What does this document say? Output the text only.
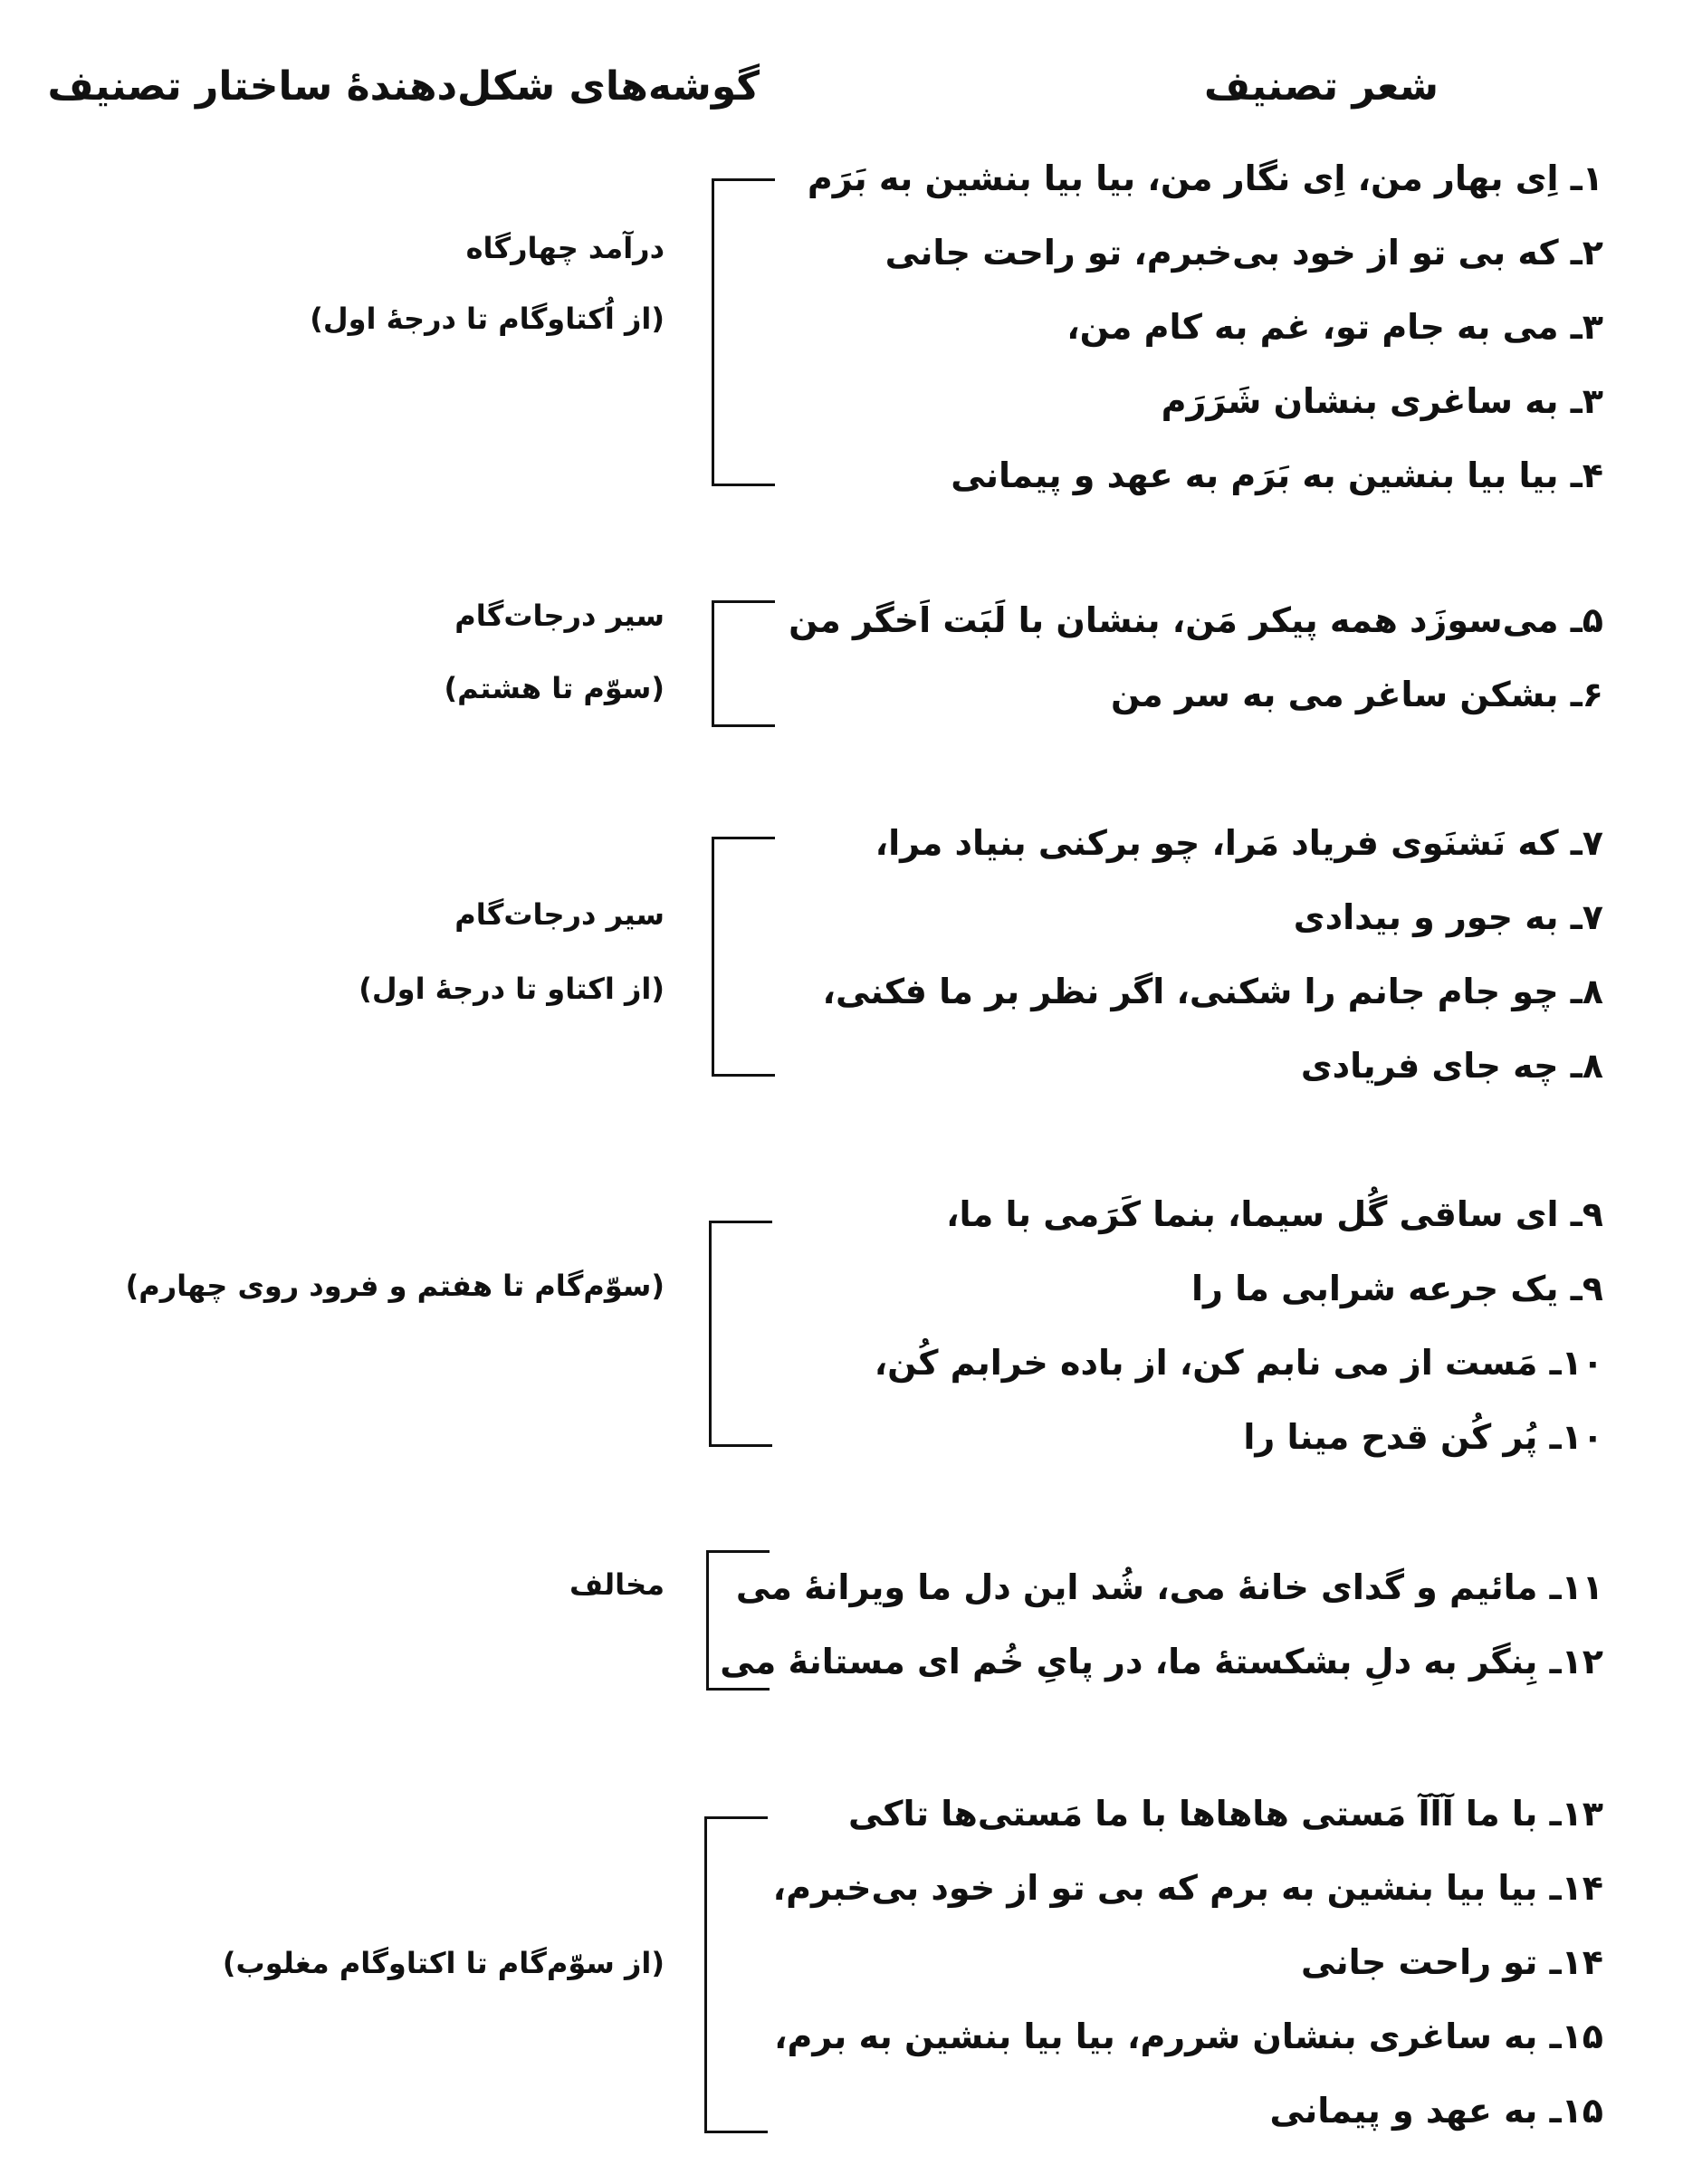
شعر تصنیف
گوشه‌های شکل‌دهندهٔ ساختار تصنیف
۱ـ اِی بهار من، اِی نگار من، بیا بیا بنشین به بَرَم
۲ـ که بی تو از خود بی‌خبرم، تو راحت جانی
۳ـ می به جام تو، غم به کام من،
۳ـ به ساغری بنشان شَرَرَم
۴ـ بیا بیا بنشین به بَرَم به عهد و پیمانی
درآمد چهارگاه
(از اُکتاوگام تا درجهٔ اول)
۵ـ می‌سوزَد همه پیکر مَن، بنشان با لَبَت اَخگر من
۶ـ بشکن ساغر می به سر من
سیر درجات‌گام
(سوّم تا هشتم)
۷ـ که نَشنَوی فریاد مَرا، چو برکنی بنیاد مرا،
۷ـ به جور و بیدادی
۸ـ چو جام جانم را شکنی، اگر نظر بر ما فکنی،
۸ـ چه جای فریادی
سیر درجات‌گام
(از اکتاو تا درجهٔ اول)
۹ـ ای ساقی گُل سیما، بنما کَرَمی با ما،
۹ـ یک جرعه شرابی ما را
۱۰ـ مَست از می نابم کن، از باده خرابم کُن،
۱۰ـ پُر کُن قدح مینا را
(سوّم‌گام تا هفتم و فرود روی چهارم)
۱۱ـ مائیم و گدای خانهٔ می، شُد این دل ما ویرانهٔ می
۱۲ـ بِنگر به دلِ بشکستهٔ ما، در پایِ خُم ای مستانهٔ می
مخالف
۱۳ـ با ما آآآ مَستی هاهاها با ما مَستی‌ها تاکی
۱۴ـ بیا بیا بنشین به برم که بی تو از خود بی‌خبرم،
۱۴ـ تو راحت جانی
۱۵ـ به ساغری بنشان شررم، بیا بیا بنشین به برم،
۱۵ـ به عهد و پیمانی
(از سوّم‌گام تا اکتاوگام مغلوب)
